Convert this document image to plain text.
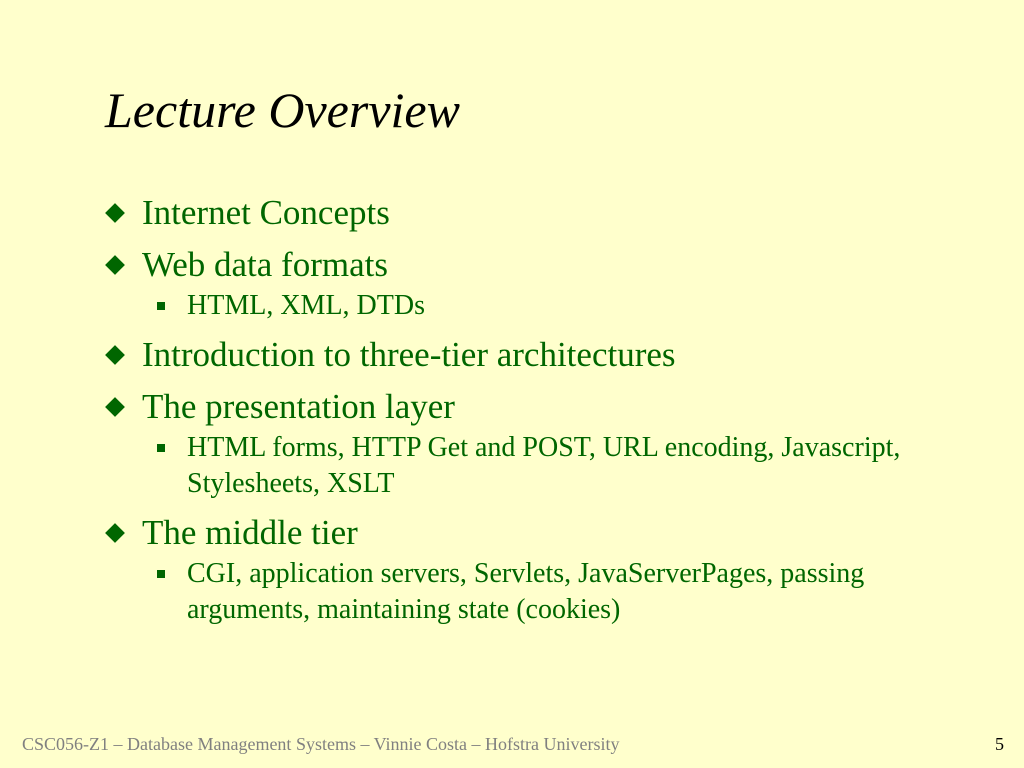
Lecture Overview
Internet Concepts
Web data formats
HTML, XML, DTDs
Introduction to three-tier architectures
The presentation layer
HTML forms, HTTP Get and POST, URL encoding, Javascript, Stylesheets, XSLT
The middle tier
CGI, application servers, Servlets, JavaServerPages, passing arguments, maintaining state (cookies)
CSC056-Z1 – Database Management Systems – Vinnie Costa – Hofstra University	5
